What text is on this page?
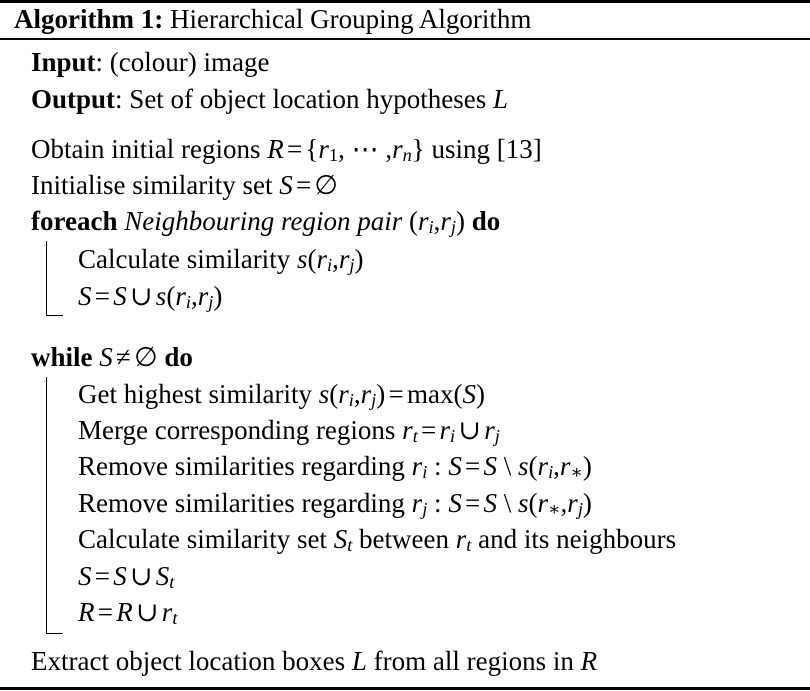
Algorithm 1: Hierarchical Grouping Algorithm
Input: (colour) image
Output: Set of object location hypotheses L
Obtain initial regions $R = \{r_1$, ⋯ $,r_n$} using [13]
Initialise similarity set S = ∅
foreach Neighbouring region pair $(r_i,r_j)$ do
Calculate similarity $s(r_i,r_j)$
S = S ∪ $s(r_i,r_j)$
while S ≠ ∅ do
Get highest similarity $s(r_i,r_j) = \max(S)$
Merge corresponding regions $r_t = r_i$ ∪ $r_j$
Remove similarities regarding $r_i$ : S = S \ $s(r_i,r_∗)$
Remove similarities regarding $r_j$ : S = S \ $s(r_∗,r_j)$
Calculate similarity set $S_t$ between $r_t$ and its neighbours
S = S ∪ $S_t$
R = R ∪ $r_t$
Extract object location boxes L from all regions in R
